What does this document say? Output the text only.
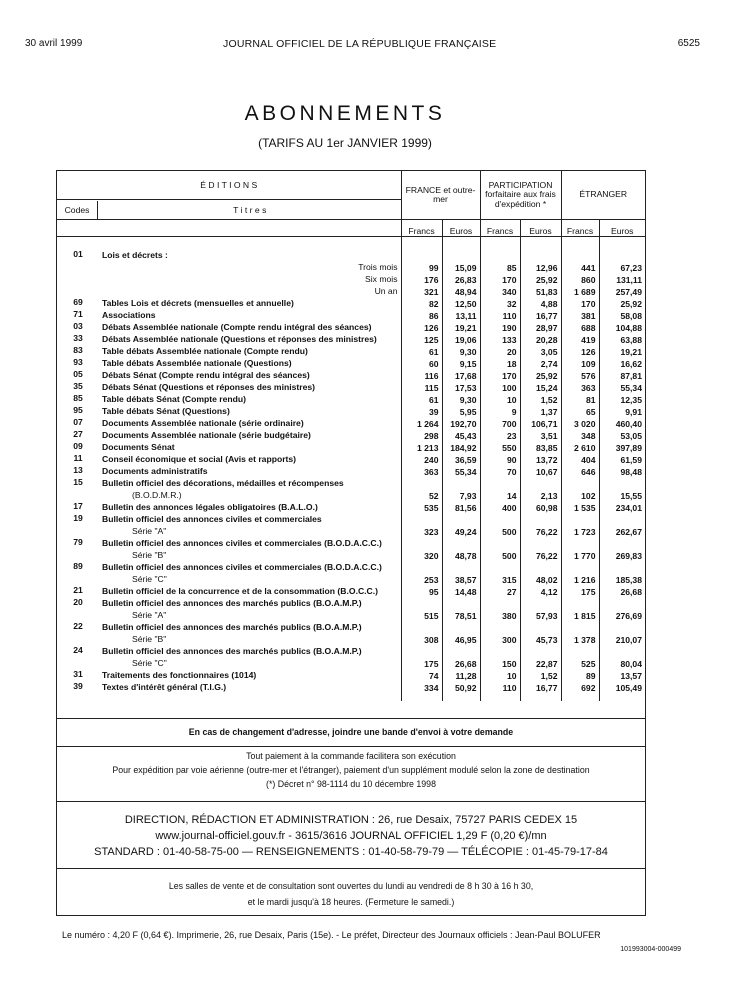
30 avril 1999	JOURNAL OFFICIEL DE LA RÉPUBLIQUE FRANÇAISE	6525
ABONNEMENTS
(TARIFS AU 1er JANVIER 1999)
É D I T I O N S
Codes T i t r e s		FRANCE et outre-mer		PARTICIPATION forfaitaire aux frais d'expédition *		ÉTRANGER	
		Francs	Euros	Francs	Euros	Francs	Euros

01	Lois et décrets :						

	Trois mois	99	15,09	85	12,96	441	67,23

	Six mois	176	26,83	170	25,92	860	131,11

	Un an	321	48,94	340	51,83	1 689	257,49
69	Tables Lois et décrets (mensuelles et annuelle)	82	12,50	32	4,88	170	25,92
71	Associations	86	13,11	110	16,77	381	58,08
03	Débats Assemblée nationale (Compte rendu intégral des séances)	126	19,21	190	28,97	688	104,88
33	Débats Assemblée nationale (Questions et réponses des ministres)	125	19,06	133	20,28	419	63,88
83	Table débats Assemblée nationale (Compte rendu)	61	9,30	20	3,05	126	19,21
93	Table débats Assemblée nationale (Questions)	60	9,15	18	2,74	109	16,62
05	Débats Sénat (Compte rendu intégral des séances)	116	17,68	170	25,92	576	87,81
35	Débats Sénat (Questions et réponses des ministres)	115	17,53	100	15,24	363	55,34
85	Table débats Sénat (Compte rendu)	61	9,30	10	1,52	81	12,35
95	Table débats Sénat (Questions)	39	5,95	9	1,37	65	9,91
07	Documents Assemblée nationale (série ordinaire)	1 264	192,70	700	106,71	3 020	460,40
27	Documents Assemblée nationale (série budgétaire)	298	45,43	23	3,51	348	53,05
09	Documents Sénat	1 213	184,92	550	83,85	2 610	397,89
11	Conseil économique et social (Avis et rapports)	240	36,59	90	13,72	404	61,59
13	Documents administratifs	363	55,34	70	10,67	646	98,48
15	Bulletin officiel des décorations, médailles et récompenses
(B.O.D.M.R.)	52	7,93	14	2,13	102	15,55
17	Bulletin des annonces légales obligatoires (B.A.L.O.)	535	81,56	400	60,98	1 535	234,01
19	Bulletin officiel des annonces civiles et commerciales
Série "A"	323	49,24	500	76,22	1 723	262,67
79	Bulletin officiel des annonces civiles et commerciales (B.O.D.A.C.C.)
Série "B"	320	48,78	500	76,22	1 770	269,83
89	Bulletin officiel des annonces civiles et commerciales (B.O.D.A.C.C.)
Série "C"	253	38,57	315	48,02	1 216	185,38
21	Bulletin officiel de la concurrence et de la consommation (B.O.C.C.)	95	14,48	27	4,12	175	26,68
20	Bulletin officiel des annonces des marchés publics (B.O.A.M.P.)
Série "A"	515	78,51	380	57,93	1 815	276,69
22	Bulletin officiel des annonces des marchés publics (B.O.A.M.P.)
Série "B"	308	46,95	300	45,73	1 378	210,07
24	Bulletin officiel des annonces des marchés publics (B.O.A.M.P.)
Série "C"	175	26,68	150	22,87	525	80,04
31	Traitements des fonctionnaires (1014)	74	11,28	10	1,52	89	13,57
39	Textes d'intérêt général (T.I.G.)	334	50,92	110	16,77	692	105,49

En cas de changement d'adresse, joindre une bande d'envoi à votre demande
Tout paiement à la commande facilitera son exécution
Pour expédition par voie aérienne (outre-mer et l'étranger), paiement d'un supplément modulé selon la zone de destination
(*) Décret n° 98-1114 du 10 décembre 1998
DIRECTION, RÉDACTION ET ADMINISTRATION : 26, rue Desaix, 75727 PARIS CEDEX 15
www.journal-officiel.gouv.fr - 3615/3616 JOURNAL OFFICIEL 1,29 F (0,20 €)/mn
STANDARD : 01-40-58-75-00 — RENSEIGNEMENTS : 01-40-58-79-79 — TÉLÉCOPIE : 01-45-79-17-84
Les salles de vente et de consultation sont ouvertes du lundi au vendredi de 8 h 30 à 16 h 30,
et le mardi jusqu'à 18 heures. (Fermeture le samedi.)
Le numéro : 4,20 F (0,64 €). Imprimerie, 26, rue Desaix, Paris (15e). - Le préfet, Directeur des Journaux officiels : Jean-Paul BOLUFER
101993004-000499
